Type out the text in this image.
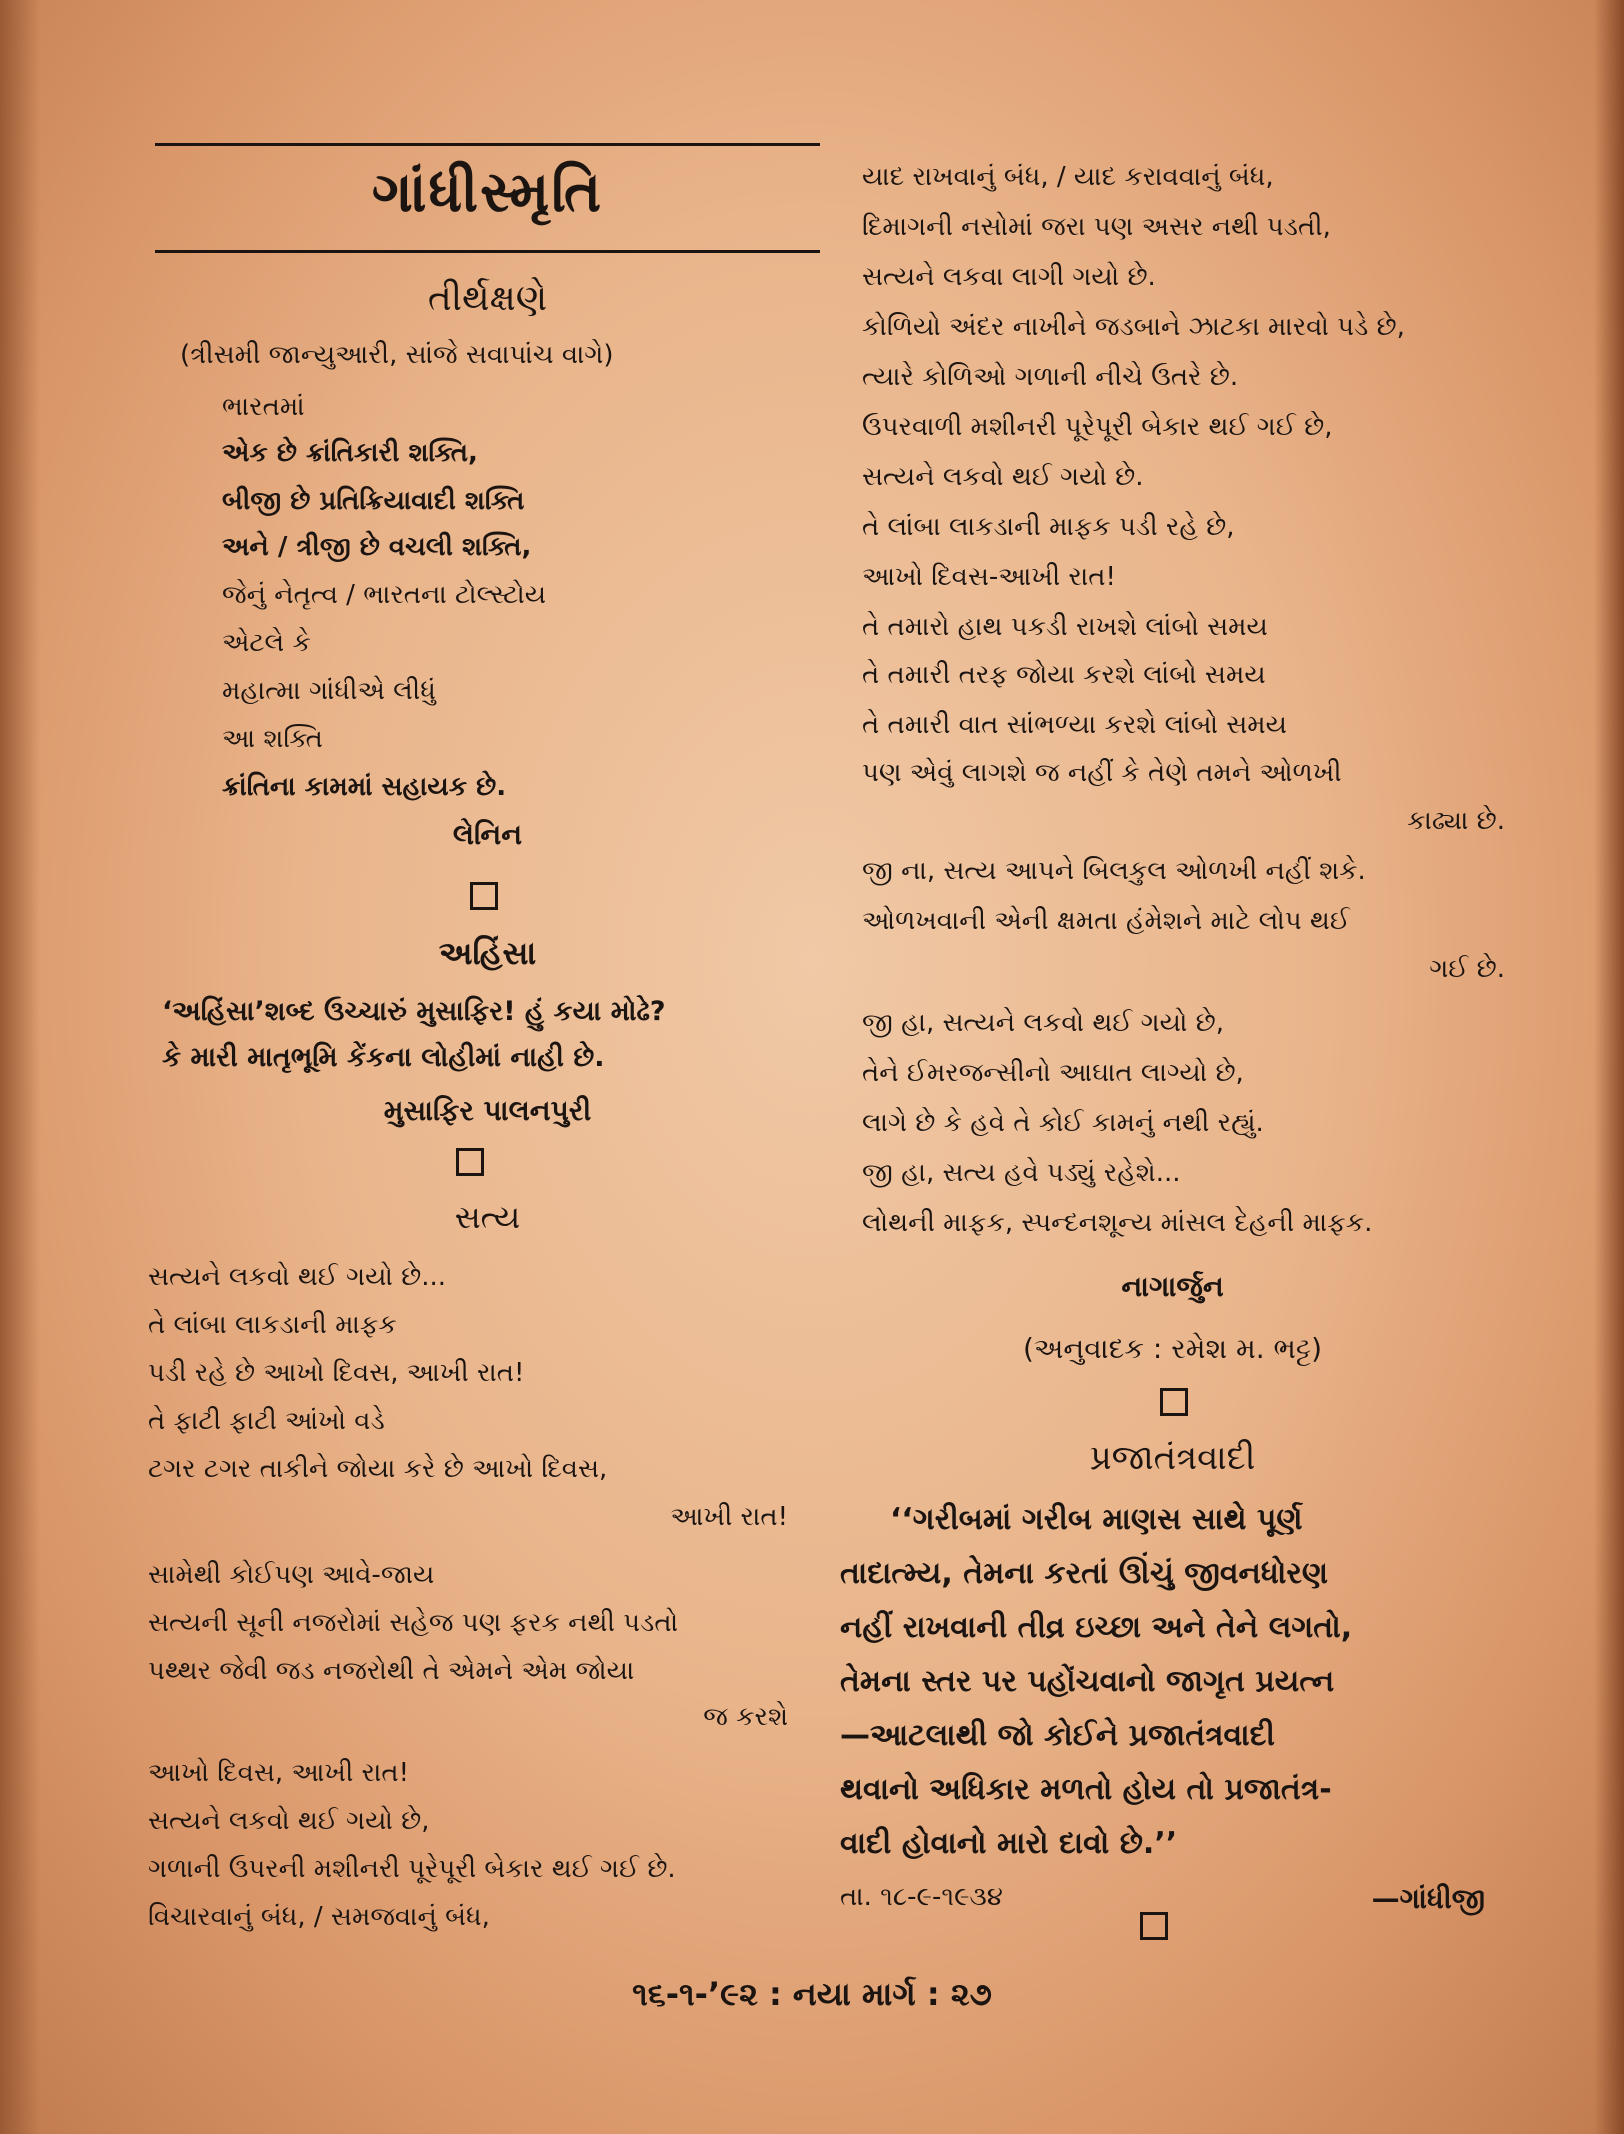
ગાંધીસ્મૃતિ
તીર્થક્ષણે
(ત્રીસમી જાન્યુઆરી, સાંજે સવાપાંચ વાગે)
ભારતમાં
એક છે ક્રાંતિકારી શક્તિ,
બીજી છે પ્રતિક્રિયાવાદી શક્તિ
અને / ત્રીજી છે વચલી શક્તિ,
જેનું નેતૃત્વ / ભારતના ટોલ્સ્ટોય
એટલે કે
મહાત્મા ગાંધીએ લીધું
આ શક્તિ
ક્રાંતિના કામમાં સહાયક છે.
લેનિન
અહિંસા
‘અહિંસા’શબ્દ ઉચ્ચારું મુસાફિર! હું કયા મોઢે?
કે મારી માતૃભૂમિ કેંકના લોહીમાં નાહી છે.
મુસાફિર પાલનપુરી
સત્ય
સત્યને લકવો થઈ ગયો છે...
તે લાંબા લાકડાની માફક
પડી રહે છે આખો દિવસ, આખી રાત!
તે ફાટી ફાટી આંખો વડે
ટગર ટગર તાકીને જોયા કરે છે આખો દિવસ,
આખી રાત!
સામેથી કોઈપણ આવે-જાય
સત્યની સૂની નજરોમાં સહેજ પણ ફરક નથી પડતો
પથ્થર જેવી જડ નજરોથી તે એમને એમ જોયા
જ કરશે
આખો દિવસ, આખી રાત!
સત્યને લકવો થઈ ગયો છે,
ગળાની ઉપરની મશીનરી પૂરેપૂરી બેકાર થઈ ગઈ છે.
વિચારવાનું બંધ, / સમજવાનું બંધ,
યાદ રાખવાનું બંધ, / યાદ કરાવવાનું બંધ,
દિમાગની નસોમાં જરા પણ અસર નથી પડતી,
સત્યને લકવા લાગી ગયો છે.
કોળિયો અંદર નાખીને જડબાને ઝાટકા મારવો પડે છે,
ત્યારે કોળિઓ ગળાની નીચે ઉતરે છે.
ઉપરવાળી મશીનરી પૂરેપૂરી બેકાર થઈ ગઈ છે,
સત્યને લકવો થઈ ગયો છે.
તે લાંબા લાકડાની માફક પડી રહે છે,
આખો દિવસ-આખી રાત!
તે તમારો હાથ પકડી રાખશે લાંબો સમય
તે તમારી તરફ જોયા કરશે લાંબો સમય
તે તમારી વાત સાંભળ્યા કરશે લાંબો સમય
પણ એવું લાગશે જ નહીં કે તેણે તમને ઓળખી
કાઢ્યા છે.
જી ના, સત્ય આપને બિલકુલ ઓળખી નહીં શકે.
ઓળખવાની એની ક્ષમતા હંમેશને માટે લોપ થઈ
ગઈ છે.
જી હા, સત્યને લકવો થઈ ગયો છે,
તેને ઈમરજન્સીનો આઘાત લાગ્યો છે,
લાગે છે કે હવે તે કોઈ કામનું નથી રહ્યું.
જી હા, સત્ય હવે પડ્યું રહેશે...
લોથની માફક, સ્પન્દનશૂન્ય માંસલ દેહની માફક.
નાગાર્જુન
(અનુવાદક : રમેશ મ. ભટ્ટ)
પ્રજાતંત્રવાદી
‘‘ગરીબમાં ગરીબ માણસ સાથે પૂર્ણ
તાદાત્મ્ય, તેમના કરતાં ઊંચું જીવનધોરણ
નહીં રાખવાની તીવ્ર ઇચ્છા અને તેને લગતો,
તેમના સ્તર પર પહોંચવાનો જાગૃત પ્રયત્ન
—આટલાથી જો કોઈને પ્રજાતંત્રવાદી
થવાનો અધિકાર મળતો હોય તો પ્રજાતંત્ર-
વાદી હોવાનો મારો દાવો છે.’’
તા. ૧૮-૯-૧૯૩૪	—ગાંધીજી
૧૬-૧-’૯૨ : નયા માર્ગ : ૨૭
